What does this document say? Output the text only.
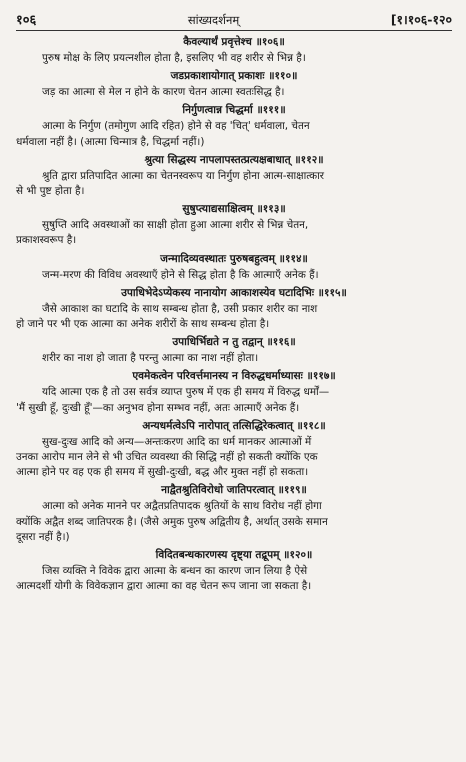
१०६	सांख्यदर्शनम्	[१।१०६-१२०
कैवल्यार्थं प्रवृत्तेश्च ॥१०६॥
पुरुष मोक्ष के लिए प्रयत्नशील होता है, इसलिए भी वह शरीर से भिन्न है।
जडप्रकाशायोगात् प्रकाशः ॥११०॥
जड़ का आत्मा से मेल न होने के कारण चेतन आत्मा स्वतःसिद्ध है।
निर्गुणत्वान्न चिद्धर्मा ॥१११॥
आत्मा के निर्गुण (तमोगुण आदि रहित) होने से वह 'चित्' धर्मवाला, चेतन
धर्मवाला नहीं है। (आत्मा चिन्मात्र है, चिद्धर्मा नहीं।)
श्रुत्या सिद्धस्य नापलापस्तत्प्रत्यक्षबाधात् ॥११२॥
श्रुति द्वारा प्रतिपादित आत्मा का चेतनस्वरूप या निर्गुण होना आत्म-साक्षात्कार
से भी पुष्ट होता है।
सुषुप्त्याद्यसाक्षित्वम् ॥११३॥
सुषुप्ति आदि अवस्थाओं का साक्षी होता हुआ आत्मा शरीर से भिन्न चेतन,
प्रकाशस्वरूप है।
जन्मादिव्यवस्थातः पुरुषबहुत्वम् ॥११४॥
जन्म-मरण की विविध अवस्थाएँ होने से सिद्ध होता है कि आत्माएँ अनेक हैं।
उपाधिभेदेऽप्येकस्य नानायोग आकाशस्येव घटादिभिः ॥११५॥
जैसे आकाश का घटादि के साथ सम्बन्ध होता है, उसी प्रकार शरीर का नाश
हो जाने पर भी एक आत्मा का अनेक शरीरों के साथ सम्बन्ध होता है।
उपाधिर्भिद्यते न तु तद्वान् ॥११६॥
शरीर का नाश हो जाता है परन्तु आत्मा का नाश नहीं होता।
एवमेकत्वेन परिवर्त्तमानस्य न विरुद्धधर्माध्यासः ॥११७॥
यदि आत्मा एक है तो उस सर्वत्र व्याप्त पुरुष में एक ही समय में विरुद्ध धर्मों—
'मैं सुखी हूँ, दुःखी हूँ'—का अनुभव होना सम्भव नहीं, अतः आत्माएँ अनेक हैं।
अन्यधर्मत्वेऽपि नारोपात् तत्सिद्धिरेकत्वात् ॥११८॥
सुख-दुःख आदि को अन्य—अन्तःकरण आदि का धर्म मानकर आत्माओं में
उनका आरोप मान लेने से भी उचित व्यवस्था की सिद्धि नहीं हो सकती क्योंकि एक
आत्मा होने पर वह एक ही समय में सुखी-दुःखी, बद्ध और मुक्त नहीं हो सकता।
नाद्वैतश्रुतिविरोधो जातिपरत्वात् ॥११९॥
आत्मा को अनेक मानने पर अद्वैतप्रतिपादक श्रुतियों के साथ विरोध नहीं होगा
क्योंकि अद्वैत शब्द जातिपरक है। (जैसे अमुक पुरुष अद्वितीय है, अर्थात् उसके समान
दूसरा नहीं है।)
विदितबन्धकारणस्य दृष्ट्या तद्रूपम् ॥१२०॥
जिस व्यक्ति ने विवेक द्वारा आत्मा के बन्धन का कारण जान लिया है ऐसे
आत्मदर्शी योगी के विवेकज्ञान द्वारा आत्मा का वह चेतन रूप जाना जा सकता है।
